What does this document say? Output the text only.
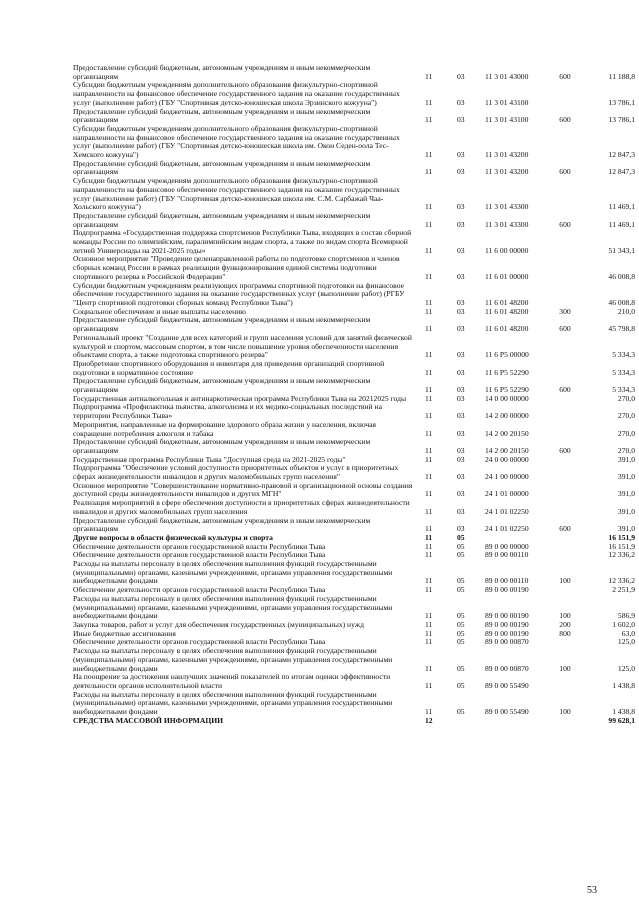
Предоставление субсидий бюджетным, автономным учреждениям и иным некоммерческим организациям	11	03	11 3 01 43000	600	11 188,8
Субсидии бюджетным учреждениям дополнительного образования физкультурно-спортивной направленности на финансовое обеспечение государственного задания на оказание государственных услуг (выполнение работ) (ГБУ "Спортивная детско-юношеская школа Эрзинского кожууна")	11	03	11 3 01 43100		13 786,1
Предоставление субсидий бюджетным, автономным учреждениям и иным некоммерческим организациям	11	03	11 3 01 43100	600	13 786,1
Субсидии бюджетным учреждениям дополнительного образования физкультурно-спортивной направленности на финансовое обеспечение государственного задания на оказание государственных услуг (выполнение работ) (ГБУ "Спортивная детско-юношеская школа им. Окон Седен-оола Тес-Хемского кожууна")	11	03	11 3 01 43200		12 847,3
Предоставление субсидий бюджетным, автономным учреждениям и иным некоммерческим организациям	11	03	11 3 01 43200	600	12 847,3
Субсидии бюджетным учреждениям дополнительного образования физкультурно-спортивной направленности на финансовое обеспечение государственного задания на оказание государственных услуг (выполнение работ) (ГБУ "Спортивная детско-юношеская школа им. С.М. Сарбажай Чаа-Хольского кожууна")	11	03	11 3 01 43300		11 469,1
Предоставление субсидий бюджетным, автономным учреждениям и иным некоммерческим организациям	11	03	11 3 01 43300	600	11 469,1
Подпрограмма «Государственная поддержка спортсменов Республики Тыва, входящих в состав сборной команды России по олимпийским, паралимпийским видам спорта, а также по видам спорта Всемирной летней Универсиады на 2021-2025 годы»	11	03	11 6 00 00000		51 343,1
Основное мероприятие "Проведение целенаправленной работы по подготовке спортсменов и членов сборных команд России в рамках реализации функционирования единой системы подготовки спортивного резерва в Российской Федерации"	11	03	11 6 01 00000		46 008,8
Субсидии бюджетным учреждениям реализующих программы спортивной подготовки на финансовое обеспечение государственного задания на оказание государственных услуг (выполнение работ) (РГБУ "Центр спортивной подготовки сборных команд Республики Тыва")	11	03	11 6 01 48200		46 008,8
Социальное обеспечение и иные выплаты населению	11	03	11 6 01 48200	300	210,0
Предоставление субсидий бюджетным, автономным учреждениям и иным некоммерческим организациям	11	03	11 6 01 48200	600	45 798,8
Региональный проект "Создание для всех категорий и групп населения условий для занятий физической культурой и спортом, массовым спортом, в том числе повышение уровня обеспеченности населения объектами спорта, а также подготовка спортивного резерва"	11	03	11 6 P5 00000		5 334,3
Приобретение спортивного оборудования и инвентаря для приведения организаций спортивной подготовки в нормативное состояние	11	03	11 6 P5 52290		5 334,3
Предоставление субсидий бюджетным, автономным учреждениям и иным некоммерческим организациям	11	03	11 6 P5 52290	600	5 334,3
Государственная антиалкогольная и антинаркотическая программа Республики Тыва на 20212025 годы	11	03	14 0 00 00000		270,0
Подпрограмма «Профилактика пьянства, алкоголизма и их медико-социальных последствий на территории Республики Тыва»	11	03	14 2 00 00000		270,0
Мероприятия, направленные на формирование здорового образа жизни у населения, включая сокращение потребления алкоголя и табака	11	03	14 2 00 20150		270,0
Предоставление субсидий бюджетным, автономным учреждениям и иным некоммерческим организациям	11	03	14 2 00 20150	600	270,0
Государственная программа Республики Тыва "Доступная среда на 2021-2025 годы"	11	03	24 0 00 00000		391,0
Подпрограмма "Обеспечение условий доступности приоритетных объектов и услуг в приоритетных сферах жизнедеятельности инвалидов и других маломобильных групп населения"	11	03	24 1 00 00000		391,0
Основное мероприятие "Совершенствование нормативно-правовой и организационной основы создания доступной среды жизнедеятельности инвалидов и других МГН"	11	03	24 1 01 00000		391,0
Реализация мероприятий в сфере обеспечения доступности в приоритетных сферах жизнедеятельности инвалидов и других маломобильных групп населения	11	03	24 1 01 02250		391,0
Предоставление субсидий бюджетным, автономным учреждениям и иным некоммерческим организациям	11	03	24 1 01 02250	600	391,0
Другие вопросы в области физической культуры и спорта	11	05			16 151,9
Обеспечение деятельности органов государственной власти Республики Тыва	11	05	89 0 00 00000		16 151,9
Обеспечение деятельности органов государственной власти Республики Тыва	11	05	89 0 00 00110		12 336,2
Расходы на выплаты персоналу в целях обеспечения выполнения функций государственными (муниципальными) органами, казенными учреждениями, органами управления государственными внебюджетными фондами	11	05	89 0 00 00110	100	12 336,2
Обеспечение деятельности органов государственной власти Республики Тыва	11	05	89 0 00 00190		2 251,9
Расходы на выплаты персоналу в целях обеспечения выполнения функций государственными (муниципальными) органами, казенными учреждениями, органами управления государственными внебюджетными фондами	11	05	89 0 00 00190	100	586,9
Закупка товаров, работ и услуг для обеспечения государственных (муниципальных) нужд	11	05	89 0 00 00190	200	1 602,0
Иные бюджетные ассигнования	11	05	89 0 00 00190	800	63,0
Обеспечение деятельности органов государственной власти Республики Тыва	11	05	89 0 00 00870		125,0
Расходы на выплаты персоналу в целях обеспечения выполнения функций государственными (муниципальными) органами, казенными учреждениями, органами управления государственными внебюджетными фондами	11	05	89 0 00 00870	100	125,0
На поощрение за достижения наилучших значений показателей по итогам оценки эффективности деятельности органов исполнительной власти	11	05	89 0 00 55490		1 438,8
Расходы на выплаты персоналу в целях обеспечения выполнения функций государственными (муниципальными) органами, казенными учреждениями, органами управления государственными внебюджетными фондами	11	05	89 0 00 55490	100	1 438,8
СРЕДСТВА МАССОВОЙ ИНФОРМАЦИИ	12				99 628,1
53
